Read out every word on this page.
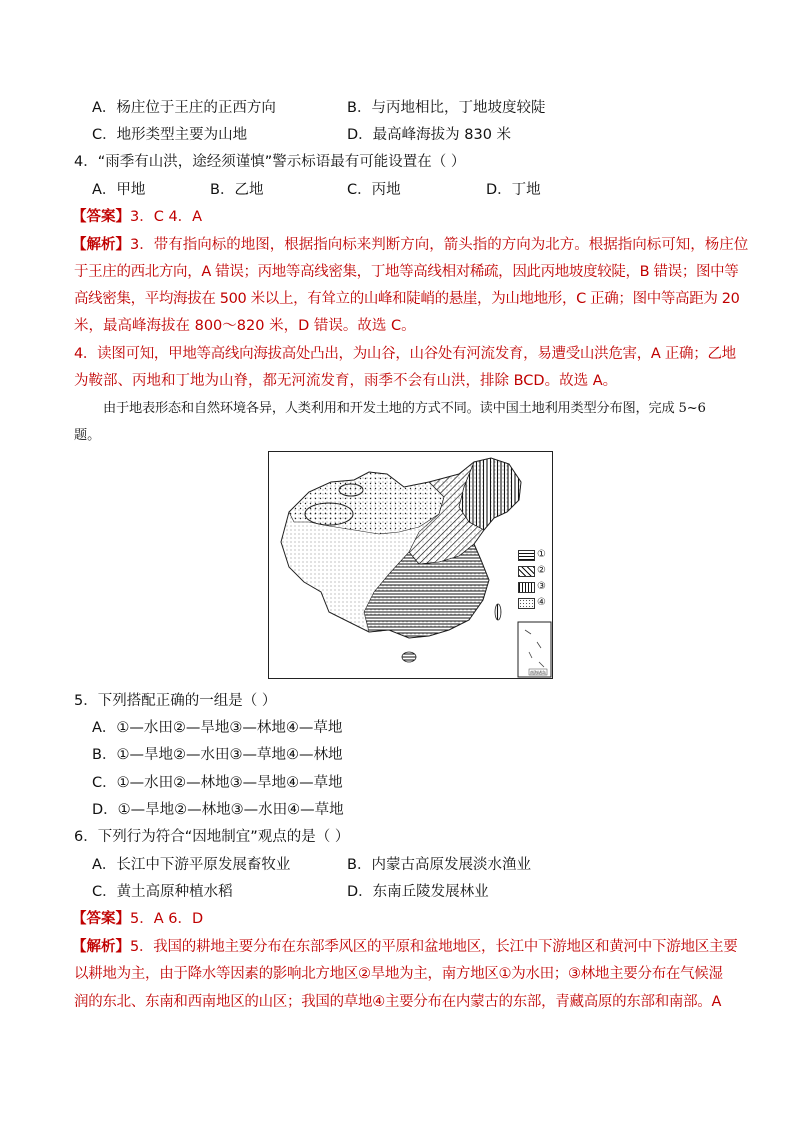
A．杨庄位于王庄的正西方向	B．与丙地相比，丁地坡度较陡
C．地形类型主要为山地	D．最高峰海拔为 830 米
4．“雨季有山洪，途经须谨慎”警示标语最有可能设置在（ ）
A．甲地	B．乙地	C．丙地	D．丁地
【答案】3．C 4．A
【解析】3．带有指向标的地图，根据指向标来判断方向，箭头指的方向为北方。根据指向标可知，杨庄位
于王庄的西北方向，A 错误；丙地等高线密集，丁地等高线相对稀疏，因此丙地坡度较陡，B 错误；图中等
高线密集，平均海拔在 500 米以上，有耸立的山峰和陡峭的悬崖，为山地地形，C 正确；图中等高距为 20
米，最高峰海拔在 800～820 米，D 错误。故选 C。
4．读图可知，甲地等高线向海拔高处凸出，为山谷，山谷处有河流发育，易遭受山洪危害，A 正确；乙地
为鞍部、丙地和丁地为山脊，都无河流发育，雨季不会有山洪，排除 BCD。故选 A。
由于地表形态和自然环境各异，人类利用和开发土地的方式不同。读中国土地利用类型分布图，完成 5~6
题。
南海诸岛
①
②
③
④
5．下列搭配正确的一组是（ ）
A．①—水田②—旱地③—林地④—草地
B．①—旱地②—水田③—草地④—林地
C．①—水田②—林地③—旱地④—草地
D．①—旱地②—林地③—水田④—草地
6．下列行为符合“因地制宜”观点的是（ ）
A．长江中下游平原发展畜牧业	B．内蒙古高原发展淡水渔业
C．黄土高原种植水稻	D．东南丘陵发展林业
【答案】5．A 6．D
【解析】5．我国的耕地主要分布在东部季风区的平原和盆地地区，长江中下游地区和黄河中下游地区主要
以耕地为主，由于降水等因素的影响北方地区②旱地为主，南方地区①为水田；③林地主要分布在气候湿
润的东北、东南和西南地区的山区；我国的草地④主要分布在内蒙古的东部，青藏高原的东部和南部。A
